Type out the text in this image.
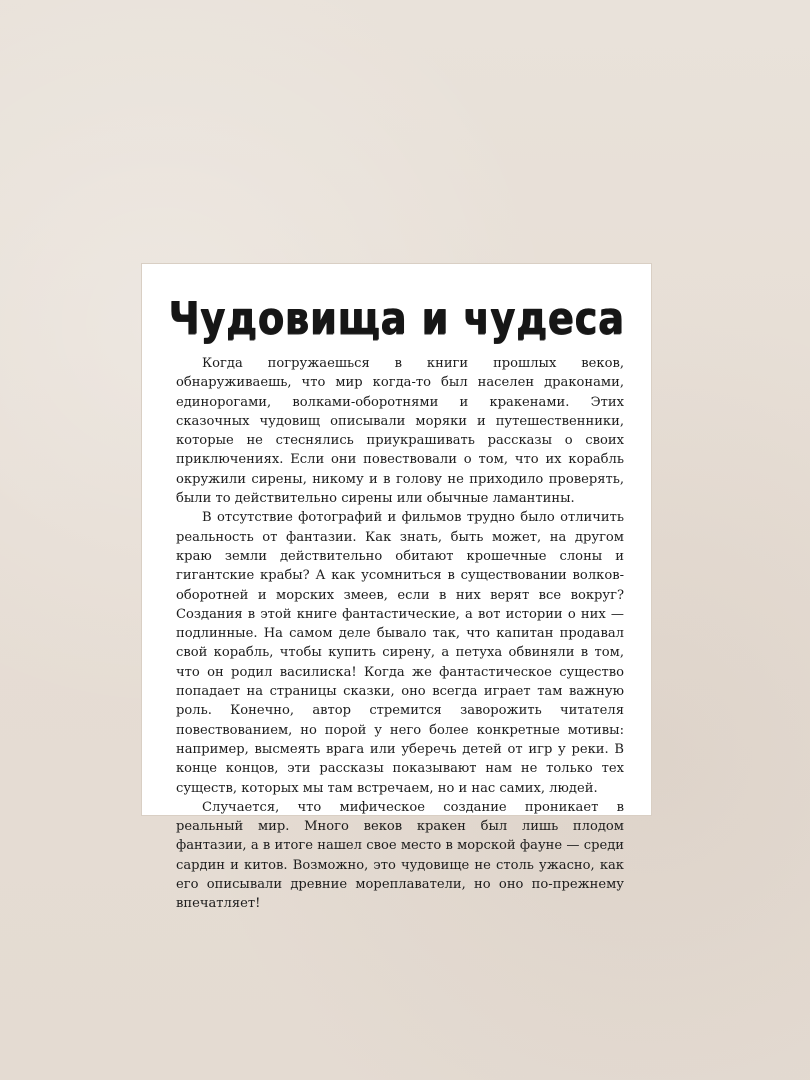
Чудовища и чудеса

Когда погружаешься в книги прошлых веков, обнаруживаешь, что мир когда-то был населен драконами, единорогами, волками-оборотнями и кракенами. Этих сказочных чудовищ описывали моряки и путешественники, которые не стеснялись приукрашивать рассказы о своих приключениях. Если они повествовали о том, что их корабль окружили сирены, никому и в голову не приходило проверять, были то действительно сирены или обычные ламантины.

В отсутствие фотографий и фильмов трудно было отличить реальность от фантазии. Как знать, быть может, на другом краю земли действительно обитают крошечные слоны и гигантские крабы? А как усомниться в существовании волков-оборотней и морских змеев, если в них верят все вокруг? Создания в этой книге фантастические, а вот истории о них — подлинные. На самом деле бывало так, что капитан продавал свой корабль, чтобы купить сирену, а петуха обвиняли в том, что он родил василиска! Когда же фантастическое существо попадает на страницы сказки, оно всегда играет там важную роль. Конечно, автор стремится заворожить читателя повествованием, но порой у него более конкретные мотивы: например, высмеять врага или уберечь детей от игр у реки. В конце концов, эти рассказы показывают нам не только тех существ, которых мы там встречаем, но и нас самих, людей.

Случается, что мифическое создание проникает в реальный мир. Много веков кракен был лишь плодом фантазии, а в итоге нашел свое место в морской фауне — среди сардин и китов. Возможно, это чудовище не столь ужасно, как его описывали древние мореплаватели, но оно по-прежнему впечатляет!
